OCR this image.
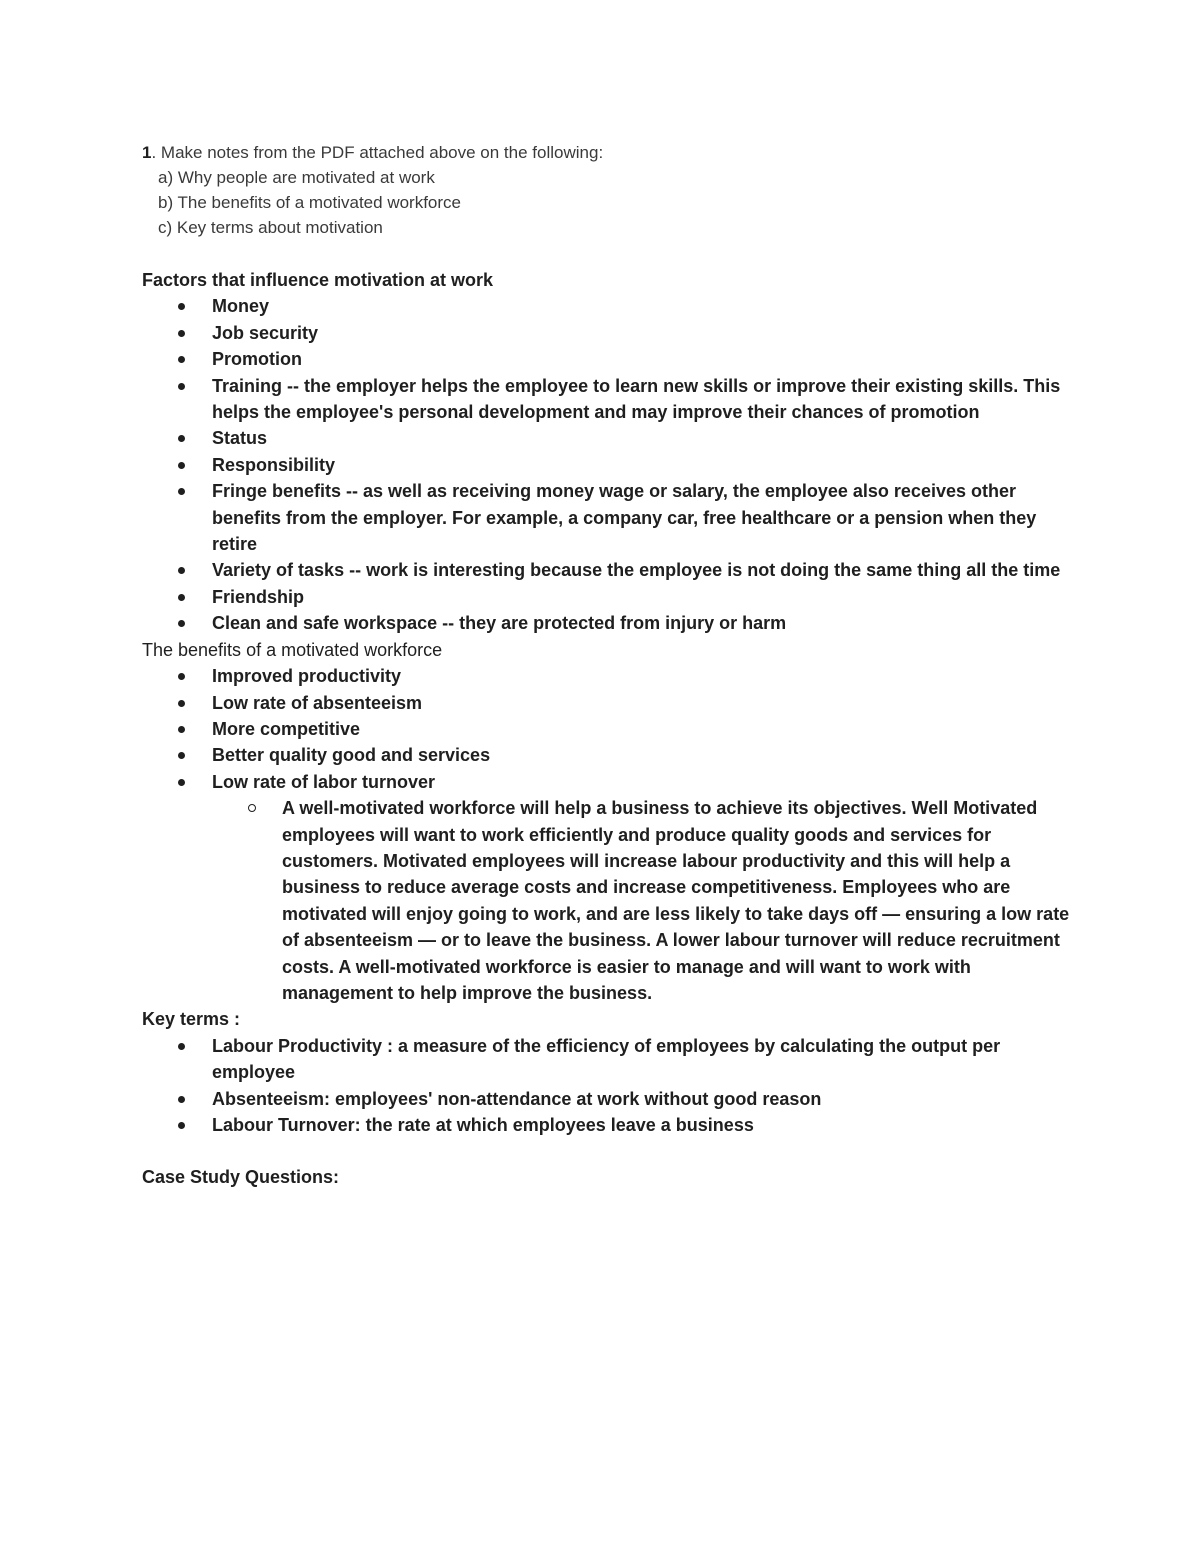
1. Make notes from the PDF attached above on the following:
a) Why people are motivated at work
b) The benefits of a motivated workforce
c) Key terms about motivation
Factors that influence motivation at work
Money
Job security
Promotion
Training -- the employer helps the employee to learn new skills or improve their existing skills. This helps the employee's personal development and may improve their chances of promotion
Status
Responsibility
Fringe benefits -- as well as receiving money wage or salary, the employee also receives other benefits from the employer. For example, a company car, free healthcare or a pension when they retire
Variety of tasks -- work is interesting because the employee is not doing the same thing all the time
Friendship
Clean and safe workspace -- they are protected from injury or harm
The benefits of a motivated workforce
Improved productivity
Low rate of absenteeism
More competitive
Better quality good and services
Low rate of labor turnover
A well-motivated workforce will help a business to achieve its objectives. Well Motivated employees will want to work efficiently and produce quality goods and services for customers. Motivated employees will increase labour productivity and this will help a business to reduce average costs and increase competitiveness. Employees who are motivated will enjoy going to work, and are less likely to take days off — ensuring a low rate of absenteeism — or to leave the business. A lower labour turnover will reduce recruitment costs. A well-motivated workforce is easier to manage and will want to work with management to help improve the business.
Key terms :
Labour Productivity : a measure of the efficiency of employees by calculating the output per employee
Absenteeism: employees' non-attendance at work without good reason
Labour Turnover: the rate at which employees leave a business
Case Study Questions:
